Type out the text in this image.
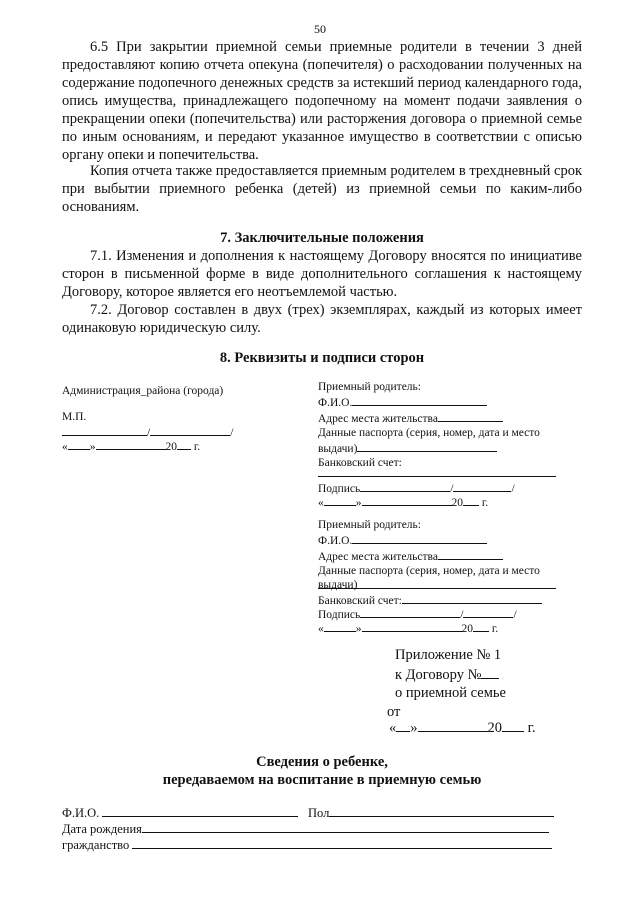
50
6.5 При закрытии приемной семьи приемные родители в течении 3 дней предоставляют копию отчета опекуна (попечителя) о расходовании полученных на содержание подопечного денежных средств за истекший период календарного года, опись имущества, принадлежащего подопечному на момент подачи заявления о прекращении опеки (попечительства) или расторжения договора о приемной семье по иным основаниям, и передают указанное имущество в соответствии с описью органу опеки и попечительства.
Копия отчета также предоставляется приемным родителем в трехдневный срок при выбытии приемного ребенка (детей) из приемной семьи по каким-либо основаниям.
7. Заключительные положения
7.1. Изменения и дополнения к настоящему Договору вносятся по инициативе сторон в письменной форме в виде дополнительного соглашения к настоящему Договору, которое является его неотъемлемой частью.
7.2. Договор составлен в двух (трех) экземплярах, каждый из которых имеет одинаковую юридическую силу.
8. Реквизиты и подписи сторон
Администрация_района (города)
М.П.
/	/
« »	20 г.
Приемный родитель:
Ф.И.О.
Адрес места жительства
Данные паспорта (серия, номер, дата и место
выдачи)
Банковский счет:
Подпись	/	/
«	»	20 г.
Приемный родитель:
Ф.И.О.
Адрес места жительства
Данные паспорта (серия, номер, дата и место
выдачи)
Банковский счет:
Подпись	/	/
«	»	20 г.
Приложение № 1
к Договору №
о приемной семье
от
« »	20 г.
Сведения о ребенке,
передаваемом на воспитание в приемную семью
Ф.И.О.	Пол
Дата рождения
гражданство
